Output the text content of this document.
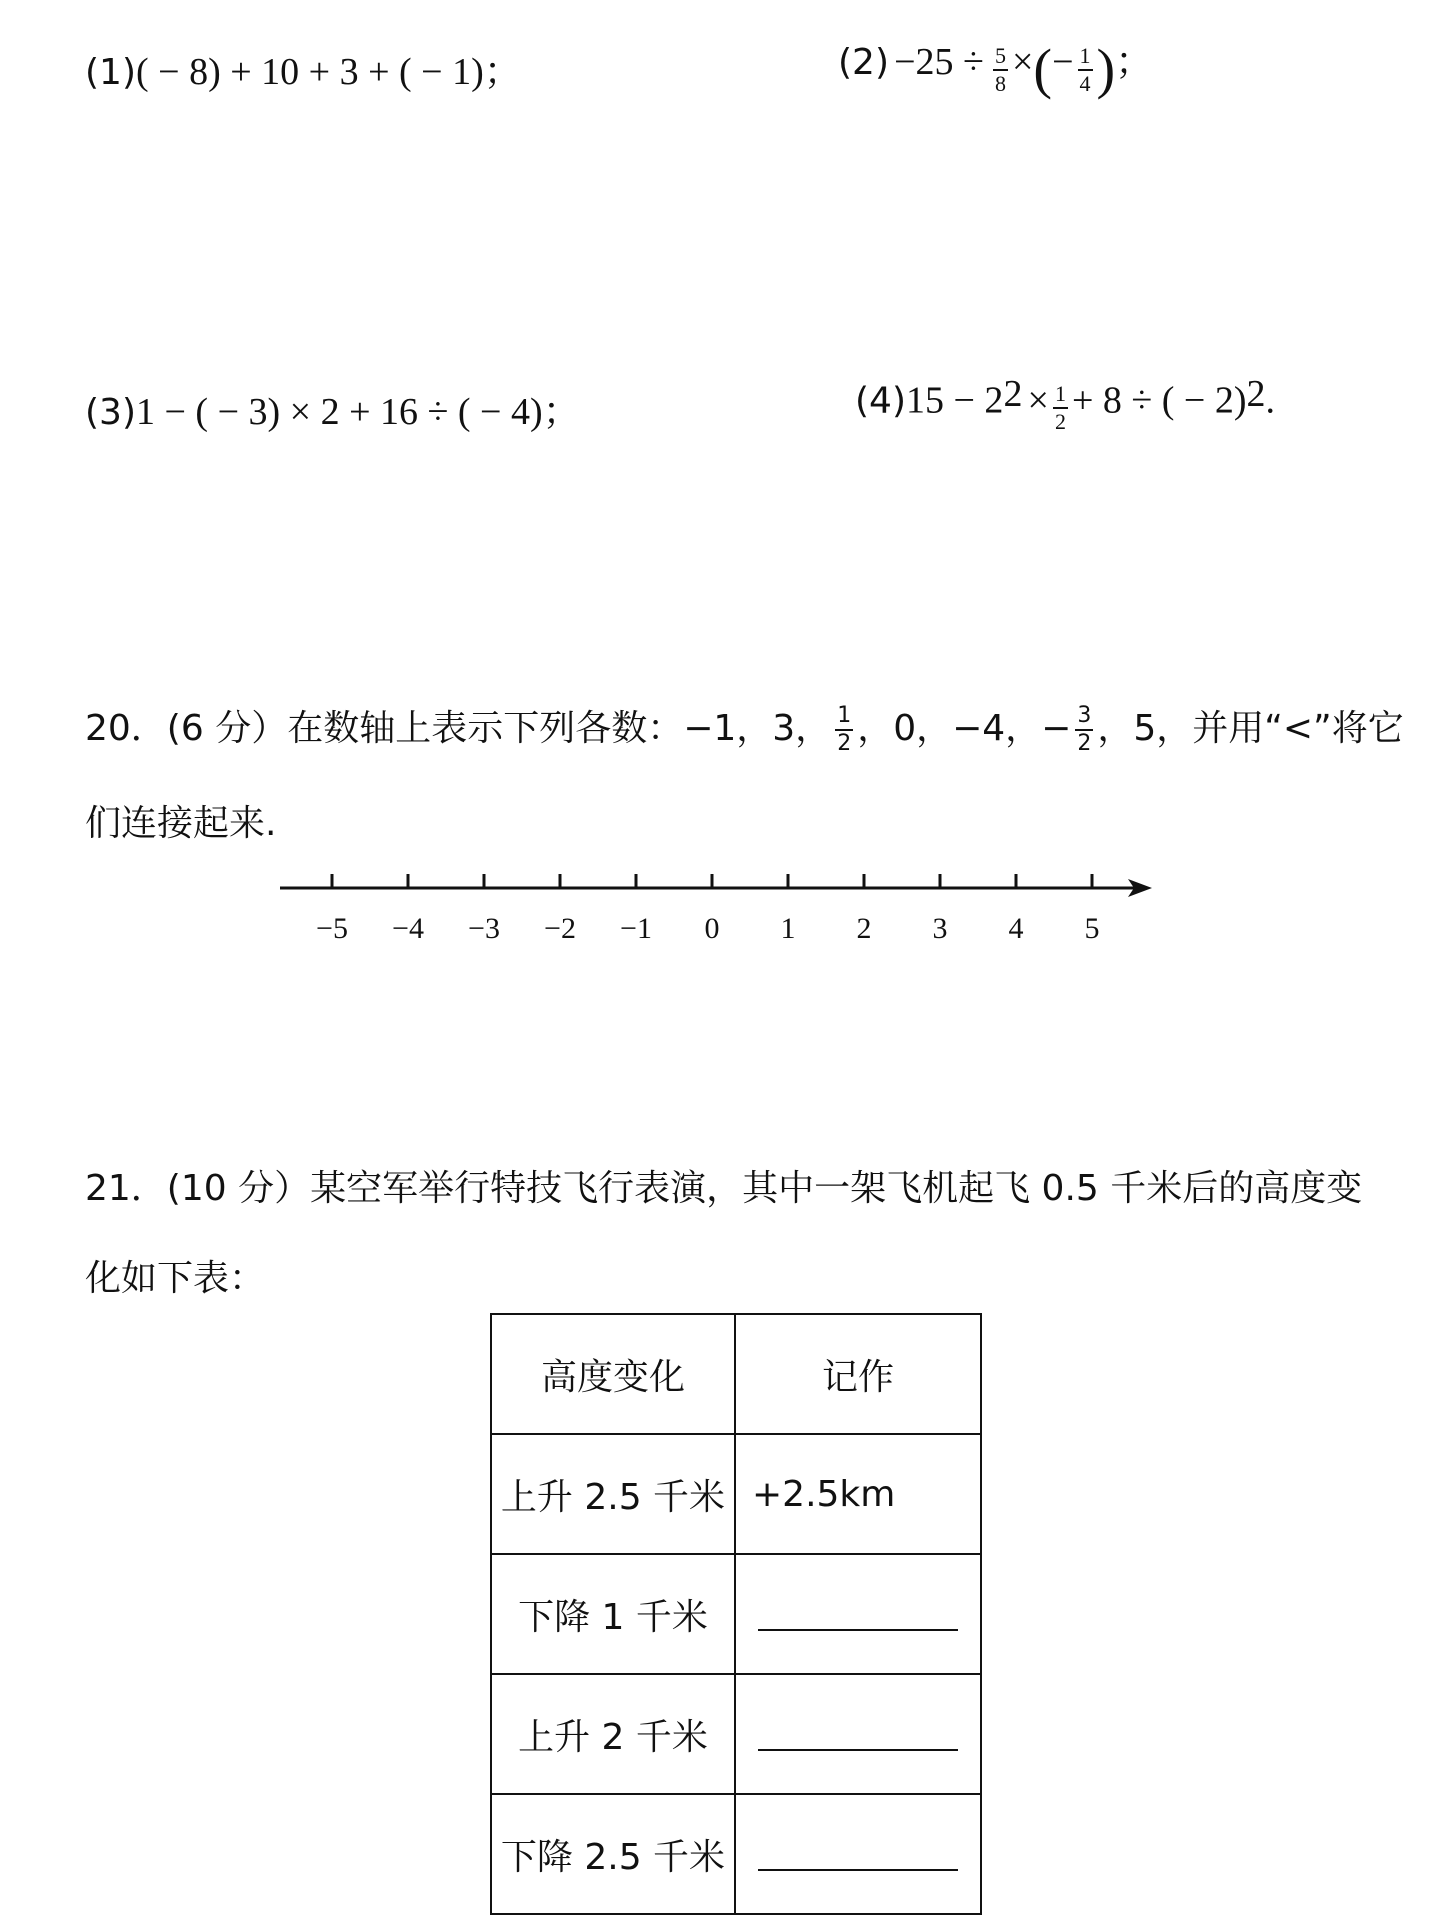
(1)( − 8) + 10 + 3 + ( − 1)；	$(2) -25 \div \frac{5}{8}$ ×(− $\frac{1}{4}$ )；
(3)1 − ( − 3) × 2 + 16 ÷ ( − 4)；	$(4)15 - 2^2 \times \frac{1}{2} + 8$ ÷ ( − 2)$^2$.
20．(6 分）在数轴上表示下列各数：−1，3， $\frac{1}{2}$ ，0，−4，− $\frac{3}{2}$ ，5，并用“<”将它
们连接起来.
−5 −4 −3 −2 −1 0 1 2 3 4 5
21．(10 分）某空军举行特技飞行表演，其中一架飞机起飞 0.5 千米后的高度变
化如下表：
高度变化	记作
上升 2.5 千米	+2.5km
下降 1 千米	
上升 2 千米	
下降 2.5 千米	
